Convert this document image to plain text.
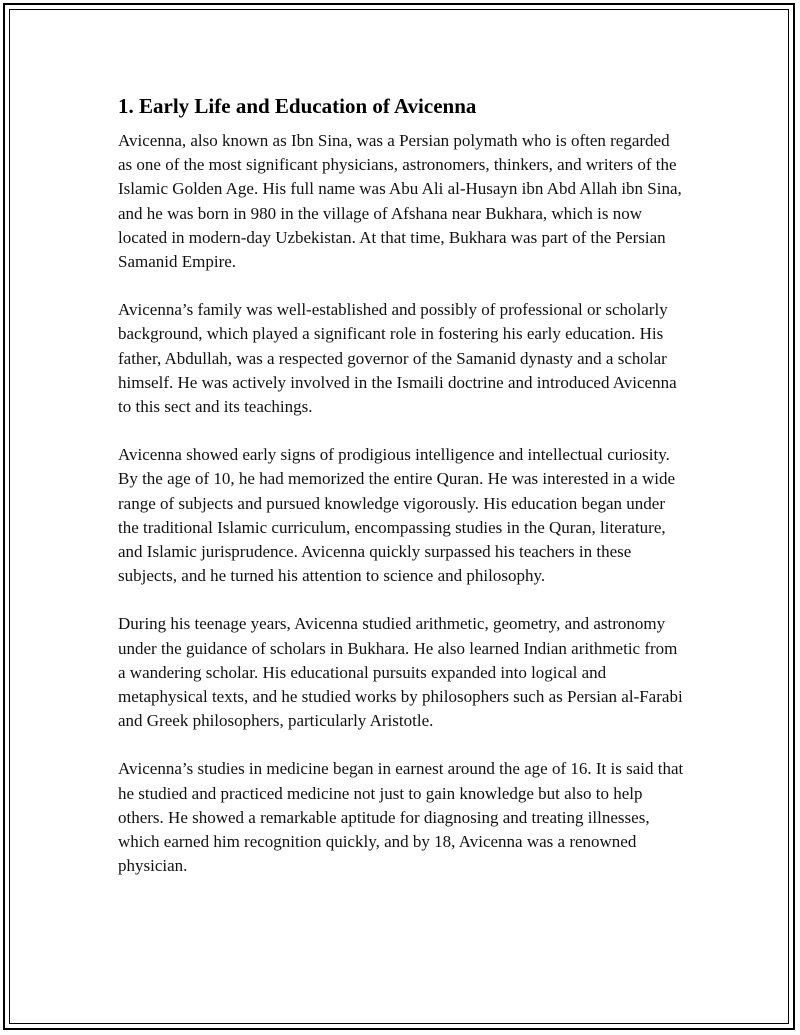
1. Early Life and Education of Avicenna

Avicenna, also known as Ibn Sina, was a Persian polymath who is often regarded as one of the most significant physicians, astronomers, thinkers, and writers of the Islamic Golden Age. His full name was Abu Ali al-Husayn ibn Abd Allah ibn Sina, and he was born in 980 in the village of Afshana near Bukhara, which is now located in modern-day Uzbekistan. At that time, Bukhara was part of the Persian Samanid Empire.

Avicenna’s family was well-established and possibly of professional or scholarly background, which played a significant role in fostering his early education. His father, Abdullah, was a respected governor of the Samanid dynasty and a scholar himself. He was actively involved in the Ismaili doctrine and introduced Avicenna to this sect and its teachings.

Avicenna showed early signs of prodigious intelligence and intellectual curiosity. By the age of 10, he had memorized the entire Quran. He was interested in a wide range of subjects and pursued knowledge vigorously. His education began under the traditional Islamic curriculum, encompassing studies in the Quran, literature, and Islamic jurisprudence. Avicenna quickly surpassed his teachers in these subjects, and he turned his attention to science and philosophy.

During his teenage years, Avicenna studied arithmetic, geometry, and astronomy under the guidance of scholars in Bukhara. He also learned Indian arithmetic from a wandering scholar. His educational pursuits expanded into logical and metaphysical texts, and he studied works by philosophers such as Persian al-Farabi and Greek philosophers, particularly Aristotle.

Avicenna’s studies in medicine began in earnest around the age of 16. It is said that he studied and practiced medicine not just to gain knowledge but also to help others. He showed a remarkable aptitude for diagnosing and treating illnesses, which earned him recognition quickly, and by 18, Avicenna was a renowned physician.
